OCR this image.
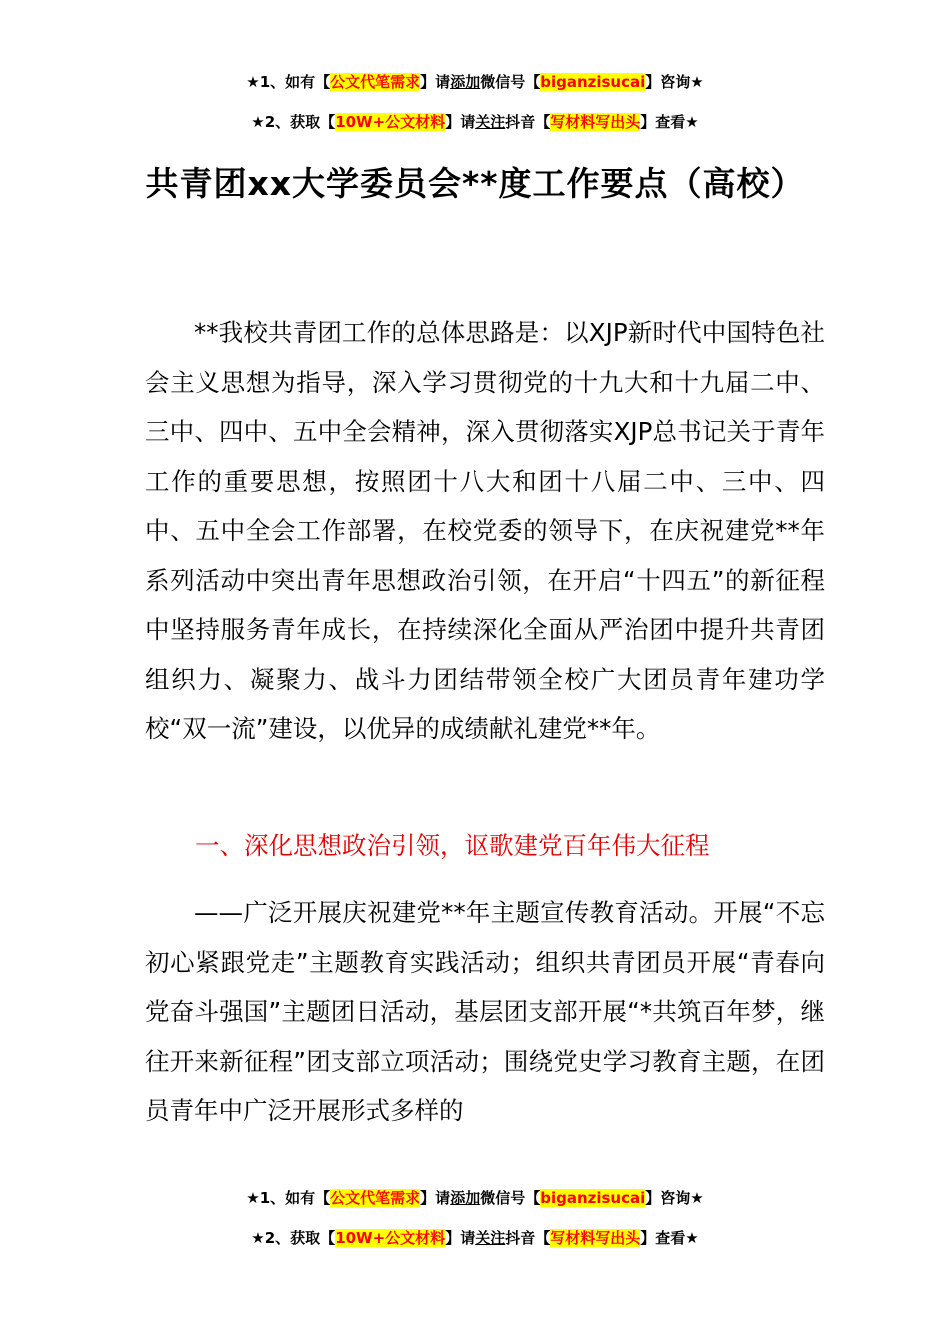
★1、如有【公文代笔需求】请添加微信号【biganzisucai】咨询★
★2、获取【10W+公文材料】请关注抖音【写材料写出头】查看★
共青团xx大学委员会**度工作要点（高校）
**我校共青团工作的总体思路是：以XJP新时代中国特色社会主义思想为指导，深入学习贯彻党的十九大和十九届二中、三中、四中、五中全会精神，深入贯彻落实XJP总书记关于青年工作的重要思想，按照团十八大和团十八届二中、三中、四中、五中全会工作部署，在校党委的领导下，在庆祝建党**年系列活动中突出青年思想政治引领，在开启“十四五”的新征程中坚持服务青年成长，在持续深化全面从严治团中提升共青团组织力、凝聚力、战斗力团结带领全校广大团员青年建功学校“双一流”建设，以优异的成绩献礼建党**年。
一、深化思想政治引领，讴歌建党百年伟大征程
——广泛开展庆祝建党**年主题宣传教育活动。开展“不忘初心紧跟党走”主题教育实践活动；组织共青团员开展“青春向党奋斗强国”主题团日活动，基层团支部开展“*共筑百年梦，继往开来新征程”团支部立项活动；围绕党史学习教育主题，在团员青年中广泛开展形式多样的
★1、如有【公文代笔需求】请添加微信号【biganzisucai】咨询★
★2、获取【10W+公文材料】请关注抖音【写材料写出头】查看★
